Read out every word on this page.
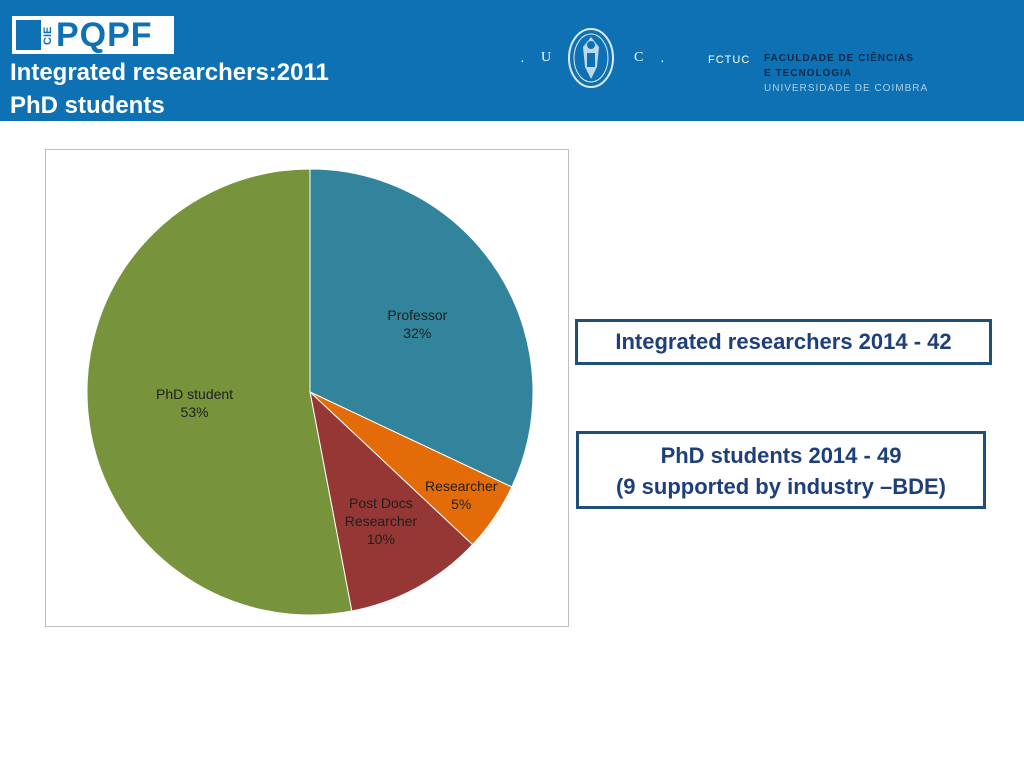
CIE PQPF
Integrated researchers:2011
PhD students
· U	C ·	FCTUC FACULDADE DE CIÊNCIAS
E TECNOLOGIA
UNIVERSIDADE DE COIMBRA
Professor 32%
Researcher 5%
Post Docs Researcher 10%
PhD student 53%
Integrated researchers 2014 - 42
PhD students 2014 - 49
(9 supported by industry –BDE)
